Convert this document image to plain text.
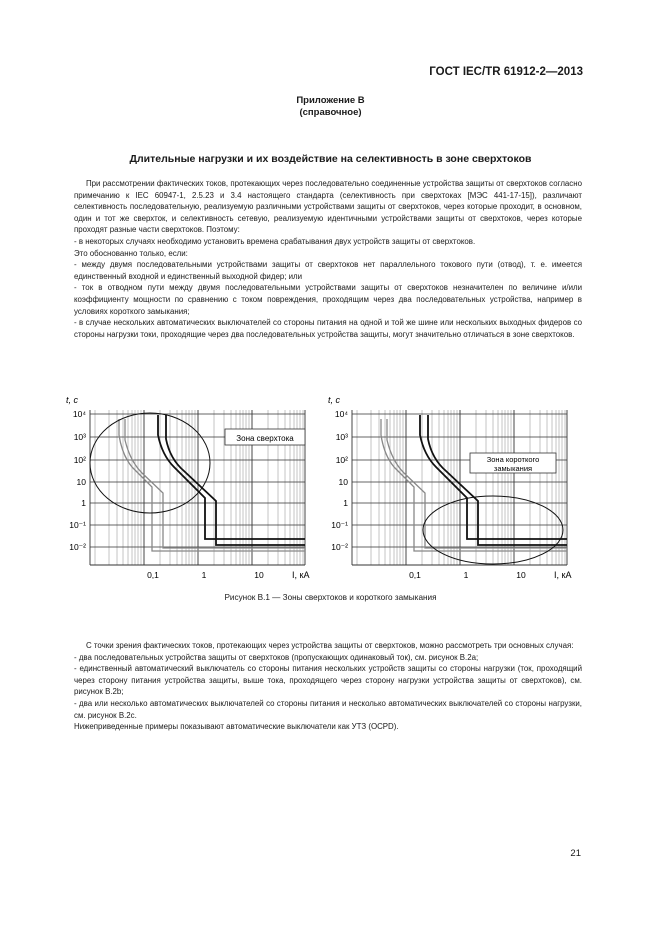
ГОСТ IEC/TR 61912-2—2013
Приложение В
(справочное)
Длительные нагрузки и их воздействие на селективность в зоне сверхтоков

При рассмотрении фактических токов, протекающих через последовательно соединенные устройства защиты от сверхтоков согласно примечанию к IEC 60947-1, 2.5.23 и 3.4 настоящего стандарта (селективность при сверхтоках [МЭС 441-17-15]), различают селективность последовательную, реализуемую различными устройствами защиты от сверхтоков, через которые проходит, в основном, один и тот же сверхток, и селективность сетевую, реализуемую идентичными устройствами защиты от сверхтоков, через которые проходят разные части сверхтоков. Поэтому:

- в некоторых случаях необходимо установить времена срабатывания двух устройств защиты от сверхтоков.

Это обоснованно только, если:

- между двумя последовательными устройствами защиты от сверхтоков нет параллельного токового пути (отвод), т. е. имеется единственный входной и единственный выходной фидер; или

- ток в отводном пути между двумя последовательными устройствами защиты от сверхтоков незначителен по величине и/или коэффициенту мощности по сравнению с током повреждения, проходящим через два последовательных устройства, например в условиях короткого замыкания;

- в случае нескольких автоматических выключателей со стороны питания на одной и той же шине или нескольких выходных фидеров со стороны нагрузки токи, проходящие через два последовательных устройства защиты, могут значительно отличаться в зоне сверхтоков.

Зона сверхтока
t, с
10⁴
10³
10²
10
1
10⁻¹
10⁻²
0,1	1	10	I, кА
Зона короткого
замыкания
t, с
10⁴
10³
10²
10
1
10⁻¹
10⁻²
0,1	1	10	I, кА
Рисунок В.1 — Зоны сверхтоков и короткого замыкания

С точки зрения фактических токов, протекающих через устройства защиты от сверхтоков, можно рассмотреть три основных случая:

- два последовательных устройства защиты от сверхтоков (пропускающих одинаковый ток), см. рисунок В.2а;

- единственный автоматический выключатель со стороны питания нескольких устройств защиты со стороны нагрузки (ток, проходящий через сторону питания устройства защиты, выше тока, проходящего через сторону нагрузки устройства защиты от сверхтоков), см. рисунок В.2b;

- два или несколько автоматических выключателей со стороны питания и несколько автоматических выключателей со стороны нагрузки, см. рисунок В.2с.

Нижеприведенные примеры показывают автоматические выключатели как УТЗ (OCPD).

21
